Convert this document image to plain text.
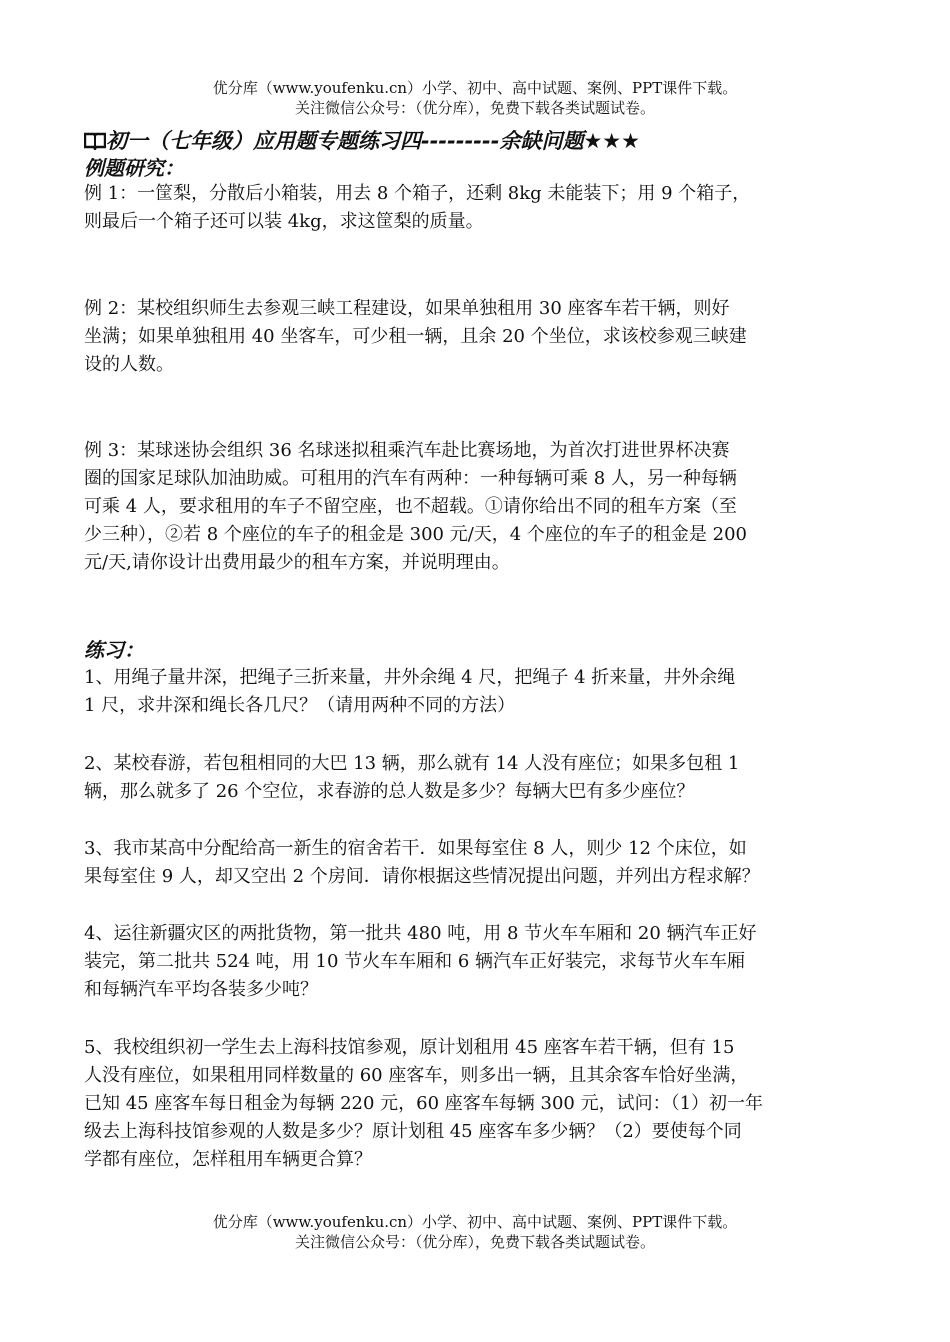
优分库（www.youfenku.cn）小学、初中、高中试题、案例、PPT课件下载。
关注微信公众号：（优分库），免费下载各类试题试卷。
初一（七年级）应用题专题练习四---------余缺问题★★★
例题研究：
例 1：一筐梨，分散后小箱装，用去 8 个箱子，还剩 8kg 未能装下；用 9 个箱子，
则最后一个箱子还可以装 4kg，求这筐梨的质量。
例 2：某校组织师生去参观三峡工程建设，如果单独租用 30 座客车若干辆，则好
坐满；如果单独租用 40 坐客车，可少租一辆，且余 20 个坐位，求该校参观三峡建
设的人数。
例 3：某球迷协会组织 36 名球迷拟租乘汽车赴比赛场地，为首次打进世界杯决赛
圈的国家足球队加油助威。可租用的汽车有两种：一种每辆可乘 8 人，另一种每辆
可乘 4 人，要求租用的车子不留空座，也不超载。①请你给出不同的租车方案（至
少三种），②若 8 个座位的车子的租金是 300 元/天，4 个座位的车子的租金是 200
元/天,请你设计出费用最少的租车方案，并说明理由。
练习：
1、用绳子量井深，把绳子三折来量，井外余绳 4 尺，把绳子 4 折来量，井外余绳
1 尺，求井深和绳长各几尺？（请用两种不同的方法）
2、某校春游，若包租相同的大巴 13 辆，那么就有 14 人没有座位；如果多包租 1
辆，那么就多了 26 个空位，求春游的总人数是多少？每辆大巴有多少座位？
3、我市某高中分配给高一新生的宿舍若干．如果每室住 8 人，则少 12 个床位，如
果每室住 9 人，却又空出 2 个房间．请你根据这些情况提出问题，并列出方程求解？
4、运往新疆灾区的两批货物，第一批共 480 吨，用 8 节火车车厢和 20 辆汽车正好
装完，第二批共 524 吨，用 10 节火车车厢和 6 辆汽车正好装完，求每节火车车厢
和每辆汽车平均各装多少吨？
5、我校组织初一学生去上海科技馆参观，原计划租用 45 座客车若干辆，但有 15
人没有座位，如果租用同样数量的 60 座客车，则多出一辆，且其余客车恰好坐满，
已知 45 座客车每日租金为每辆 220 元，60 座客车每辆 300 元，试问：（1）初一年
级去上海科技馆参观的人数是多少？原计划租 45 座客车多少辆？（2）要使每个同
学都有座位，怎样租用车辆更合算？
优分库（www.youfenku.cn）小学、初中、高中试题、案例、PPT课件下载。
关注微信公众号：（优分库），免费下载各类试题试卷。
